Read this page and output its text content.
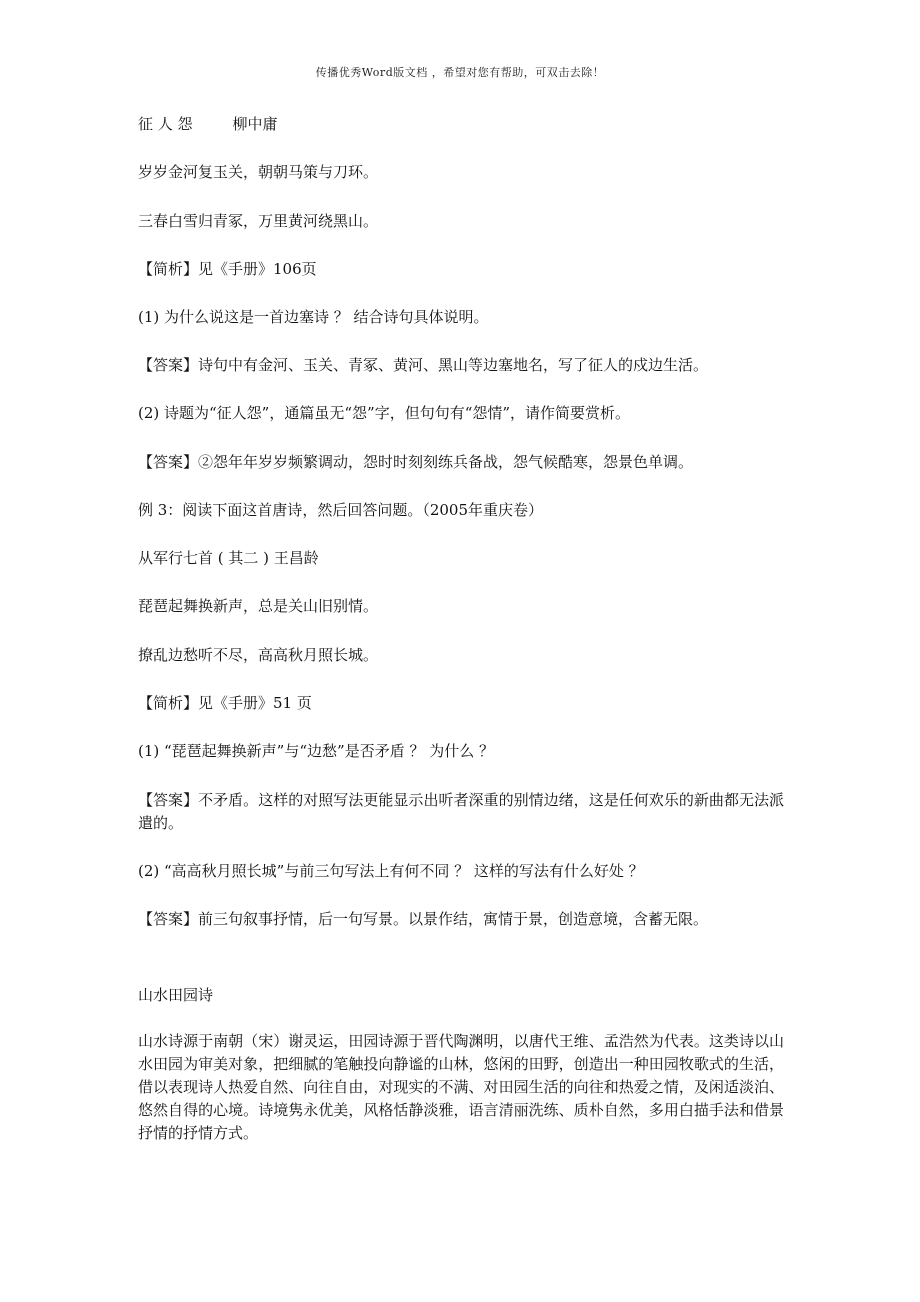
传播优秀Word版文档 ，希望对您有帮助，可双击去除！
征 人 怨	柳中庸
岁岁金河复玉关，朝朝马策与刀环。
三春白雪归青冢，万里黄河绕黑山。
【简析】见《手册》106页
(1) 为什么说这是一首边塞诗 ？ 结合诗句具体说明。
【答案】诗句中有金河、玉关、青冢、黄河、黑山等边塞地名，写了征人的戍边生活。
(2) 诗题为“征人怨”，通篇虽无“怨”字，但句句有“怨情”，请作简要赏析。
【答案】②怨年年岁岁频繁调动，怨时时刻刻练兵备战，怨气候酷寒，怨景色单调。
例 3：阅读下面这首唐诗，然后回答问题。（2005年重庆卷）
从军行七首 ( 其二 ) 王昌龄
琵琶起舞换新声，总是关山旧别情。
撩乱边愁听不尽，高高秋月照长城。
【简析】见《手册》51 页
(1) “琵琶起舞换新声”与“边愁”是否矛盾 ？ 为什么 ？
【答案】不矛盾。这样的对照写法更能显示出听者深重的别情边绪，这是任何欢乐的新曲都无法派遣的。
(2) “高高秋月照长城”与前三句写法上有何不同 ？ 这样的写法有什么好处 ？
【答案】前三句叙事抒情，后一句写景。以景作结，寓情于景，创造意境，含蓄无限。
山水田园诗
山水诗源于南朝（宋）谢灵运，田园诗源于晋代陶渊明，以唐代王维、孟浩然为代表。这类诗以山水田园为审美对象，把细腻的笔触投向静谧的山林，悠闲的田野，创造出一种田园牧歌式的生活，借以表现诗人热爱自然、向往自由，对现实的不满、对田园生活的向往和热爱之情，及闲适淡泊、悠然自得的心境。诗境隽永优美，风格恬静淡雅，语言清丽洗练、质朴自然，多用白描手法和借景抒情的抒情方式。
